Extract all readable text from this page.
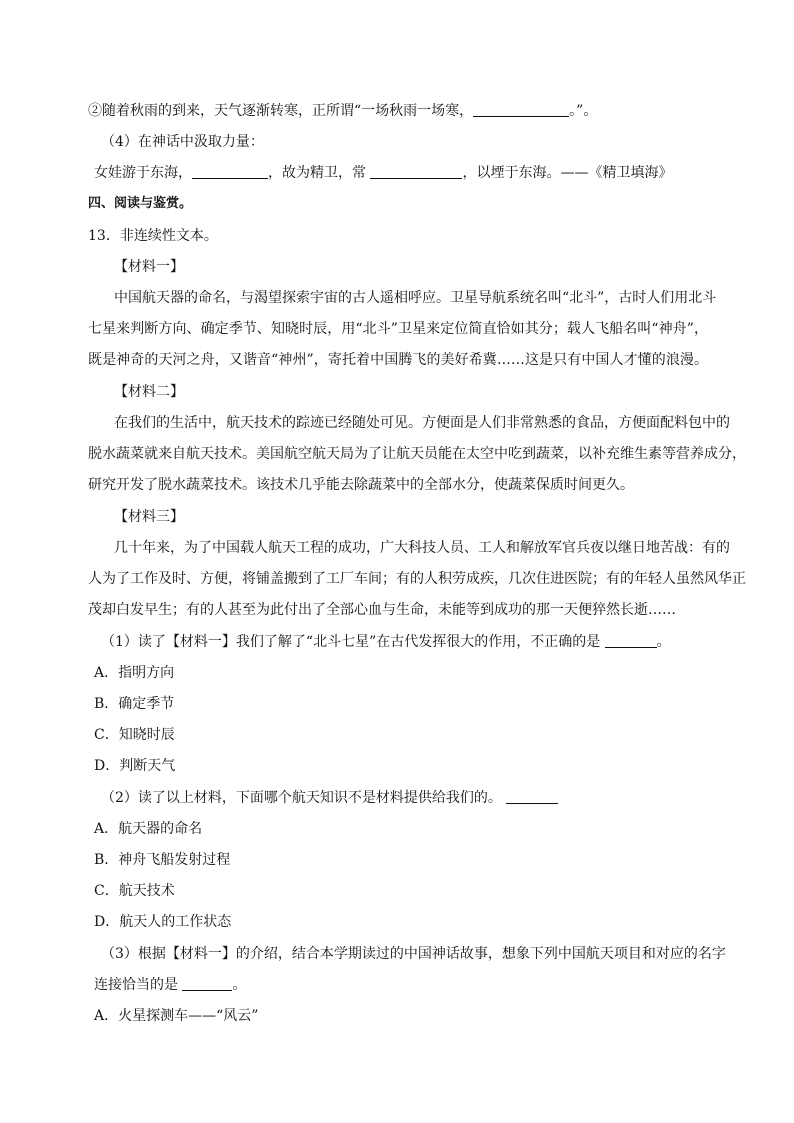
②随着秋雨的到来，天气逐渐转寒，正所谓“一场秋雨一场寒，	。”。
（4）在神话中汲取力量：
女娃游于东海，	，故为精卫，常	，以堙于东海。——《精卫填海》
四、阅读与鉴赏。
13．非连续性文本。
【材料一】
中国航天器的命名，与渴望探索宇宙的古人遥相呼应。卫星导航系统名叫“北斗”，古时人们用北斗
七星来判断方向、确定季节、知晓时辰，用“北斗”卫星来定位简直恰如其分；载人飞船名叫“神舟”，
既是神奇的天河之舟，又谐音“神州”，寄托着中国腾飞的美好希冀……这是只有中国人才懂的浪漫。
【材料二】
在我们的生活中，航天技术的踪迹已经随处可见。方便面是人们非常熟悉的食品，方便面配料包中的
脱水蔬菜就来自航天技术。美国航空航天局为了让航天员能在太空中吃到蔬菜，以补充维生素等营养成分，
研究开发了脱水蔬菜技术。该技术几乎能去除蔬菜中的全部水分，使蔬菜保质时间更久。
【材料三】
几十年来，为了中国载人航天工程的成功，广大科技人员、工人和解放军官兵夜以继日地苦战：有的
人为了工作及时、方便，将铺盖搬到了工厂车间；有的人积劳成疾，几次住进医院；有的年轻人虽然风华正
茂却白发早生；有的人甚至为此付出了全部心血与生命，未能等到成功的那一天便猝然长逝……
（1）读了【材料一】我们了解了“北斗七星”在古代发挥很大的作用，不正确的是	。
A．指明方向
B．确定季节
C．知晓时辰
D．判断天气
（2）读了以上材料，下面哪个航天知识不是材料提供给我们的。
A．航天器的命名
B．神舟飞船发射过程
C．航天技术
D．航天人的工作状态
（3）根据【材料一】的介绍，结合本学期读过的中国神话故事，想象下列中国航天项目和对应的名字
连接恰当的是	。
A．火星探测车——“风云”
